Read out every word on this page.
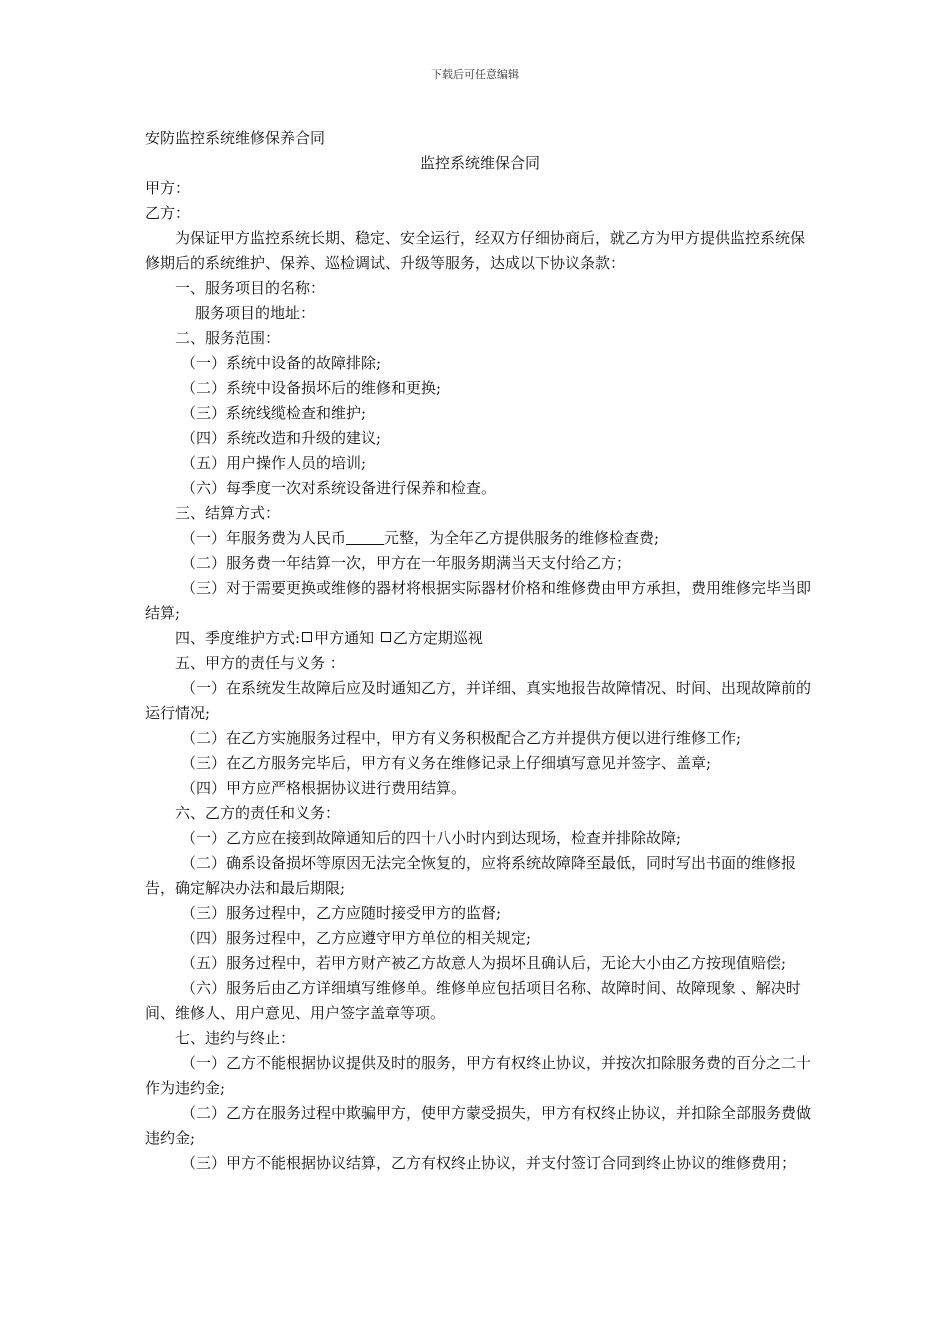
下载后可任意编辑

安防监控系统维修保养合同

监控系统维保合同

甲方：

乙方：

为保证甲方监控系统长期、稳定、安全运行，经双方仔细协商后，就乙方为甲方提供监控系统保修期后的系统维护、保养、巡检调试、升级等服务，达成以下协议条款：

一、服务项目的名称：

服务项目的地址：

二、服务范围：

（一）系统中设备的故障排除;

（二）系统中设备损坏后的维修和更换;

（三）系统线缆检查和维护;

（四）系统改造和升级的建议;

（五）用户操作人员的培训;

（六）每季度一次对系统设备进行保养和检查。

三、结算方式：

（一）年服务费为人民币	元整，为全年乙方提供服务的维修检查费;

（二）服务费一年结算一次，甲方在一年服务期满当天支付给乙方；

（三）对于需要更换或维修的器材将根据实际器材价格和维修费由甲方承担，费用维修完毕当即结算;

四、季度维护方式: 甲方通知 乙方定期巡视

五、甲方的责任与义务 ：

（一）在系统发生故障后应及时通知乙方，并详细、真实地报告故障情况、时间、出现故障前的运行情况;

（二）在乙方实施服务过程中，甲方有义务积极配合乙方并提供方便以进行维修工作;

（三）在乙方服务完毕后，甲方有义务在维修记录上仔细填写意见并签字、盖章;

（四）甲方应严格根据协议进行费用结算。

六、乙方的责任和义务：

（一）乙方应在接到故障通知后的四十八小时内到达现场，检查并排除故障;

（二）确系设备损坏等原因无法完全恢复的，应将系统故障降至最低，同时写出书面的维修报告，确定解决办法和最后期限;

（三）服务过程中，乙方应随时接受甲方的监督;

（四）服务过程中，乙方应遵守甲方单位的相关规定;

（五）服务过程中，若甲方财产被乙方故意人为损坏且确认后，无论大小由乙方按现值赔偿;

（六）服务后由乙方详细填写维修单。维修单应包括项目名称、故障时间、故障现象 、解决时间、维修人、用户意见、用户签字盖章等项。

七、违约与终止：

（一）乙方不能根据协议提供及时的服务，甲方有权终止协议，并按次扣除服务费的百分之二十作为违约金;

（二）乙方在服务过程中欺骗甲方，使甲方蒙受损失，甲方有权终止协议，并扣除全部服务费做违约金;

（三）甲方不能根据协议结算，乙方有权终止协议，并支付签订合同到终止协议的维修费用；
